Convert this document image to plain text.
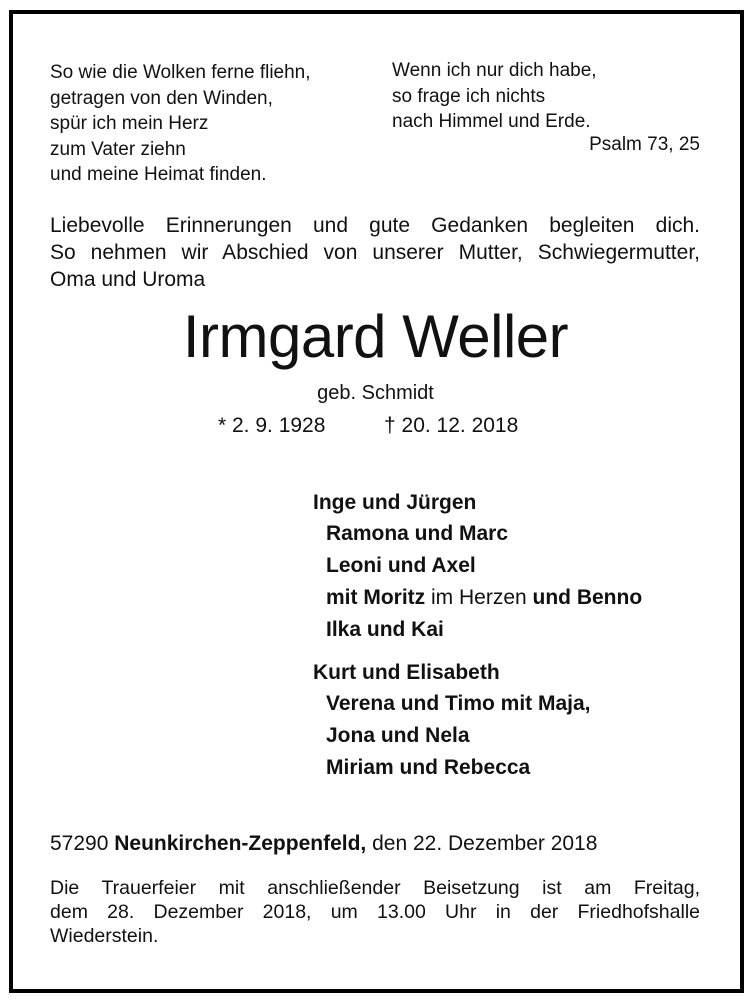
So wie die Wolken ferne fliehn,
getragen von den Winden,
spür ich mein Herz
zum Vater ziehn
und meine Heimat finden.
Wenn ich nur dich habe,
so frage ich nichts
nach Himmel und Erde.
Psalm 73, 25
Liebevolle Erinnerungen und gute Gedanken begleiten dich.
So nehmen wir Abschied von unserer Mutter, Schwiegermutter,
Oma und Uroma
Irmgard Weller
geb. Schmidt
* 2. 9. 1928	† 20. 12. 2018
Inge und Jürgen
Ramona und Marc
Leoni und Axel
mit Moritz im Herzen und Benno
Ilka und Kai
Kurt und Elisabeth
Verena und Timo mit Maja,
Jona und Nela
Miriam und Rebecca
57290 Neunkirchen-Zeppenfeld, den 22. Dezember 2018
Die Trauerfeier mit anschließender Beisetzung ist am Freitag,
dem 28. Dezember 2018, um 13.00 Uhr in der Friedhofshalle
Wiederstein.
